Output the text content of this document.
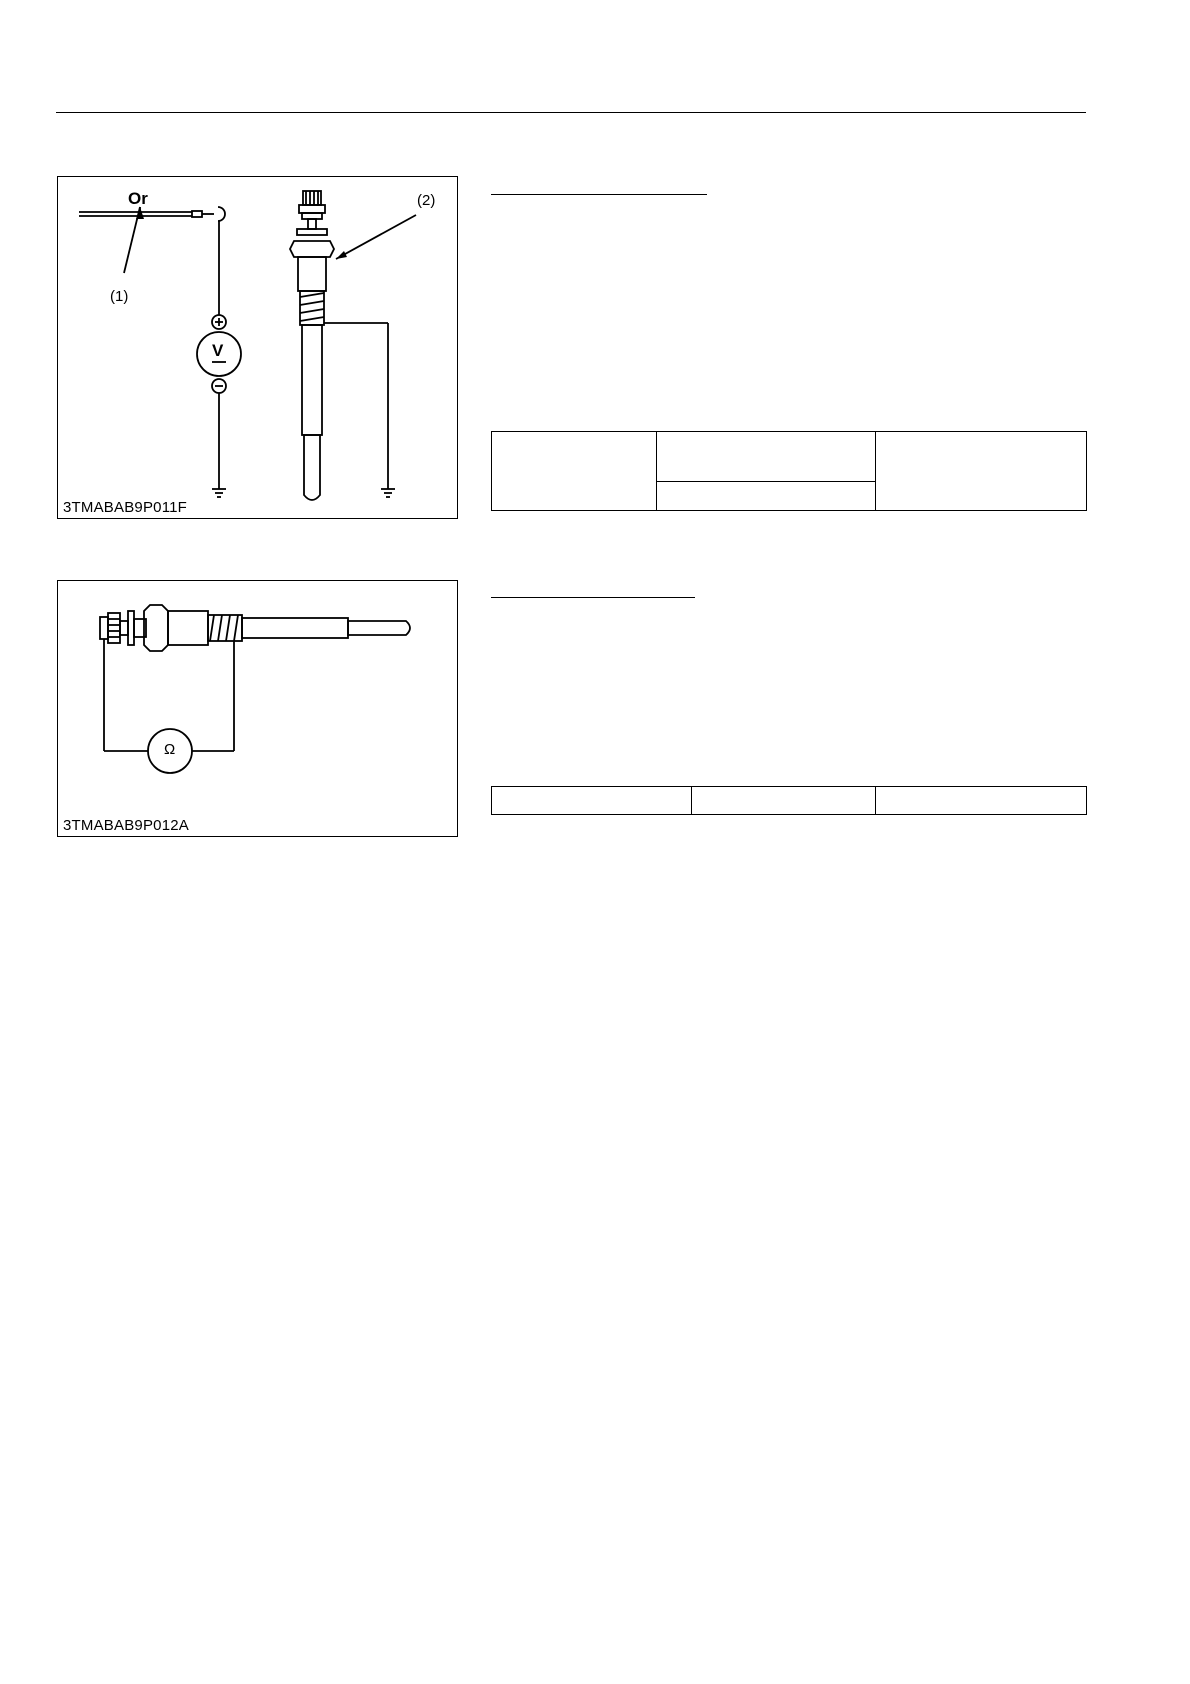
Or
(1)
(2)
V
3TMABAB9P011F
Ω
3TMABAB9P012A
